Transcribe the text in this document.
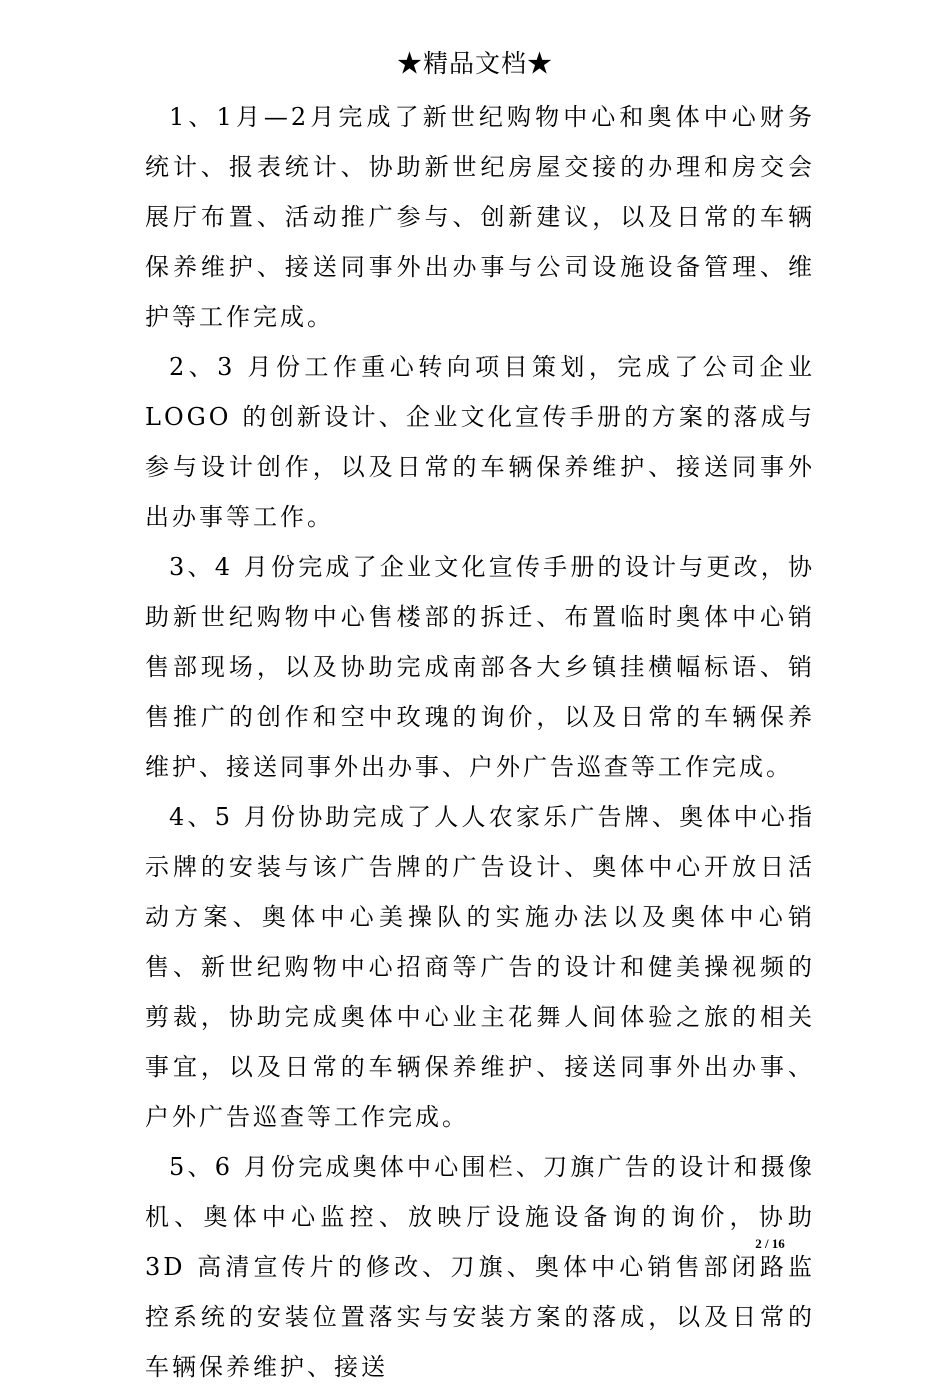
★精品文档★

1、1月—2月完成了新世纪购物中心和奥体中心财务统计、报表统计、协助新世纪房屋交接的办理和房交会展厅布置、活动推广参与、创新建议，以及日常的车辆保养维护、接送同事外出办事与公司设施设备管理、维护等工作完成。

2、3 月份工作重心转向项目策划，完成了公司企业 LOGO 的创新设计、企业文化宣传手册的方案的落成与参与设计创作，以及日常的车辆保养维护、接送同事外出办事等工作。

3、4 月份完成了企业文化宣传手册的设计与更改，协助新世纪购物中心售楼部的拆迁、布置临时奥体中心销售部现场，以及协助完成南部各大乡镇挂横幅标语、销售推广的创作和空中玫瑰的询价，以及日常的车辆保养维护、接送同事外出办事、户外广告巡查等工作完成。

4、5 月份协助完成了人人农家乐广告牌、奥体中心指示牌的安装与该广告牌的广告设计、奥体中心开放日活动方案、奥体中心美操队的实施办法以及奥体中心销售、新世纪购物中心招商等广告的设计和健美操视频的剪裁，协助完成奥体中心业主花舞人间体验之旅的相关事宜，以及日常的车辆保养维护、接送同事外出办事、户外广告巡查等工作完成。

5、6 月份完成奥体中心围栏、刀旗广告的设计和摄像机、奥体中心监控、放映厅设施设备询的询价，协助 3D 高清宣传片的修改、刀旗、奥体中心销售部闭路监控系统的安装位置落实与安装方案的落成，以及日常的车辆保养维护、接送

2 / 16
